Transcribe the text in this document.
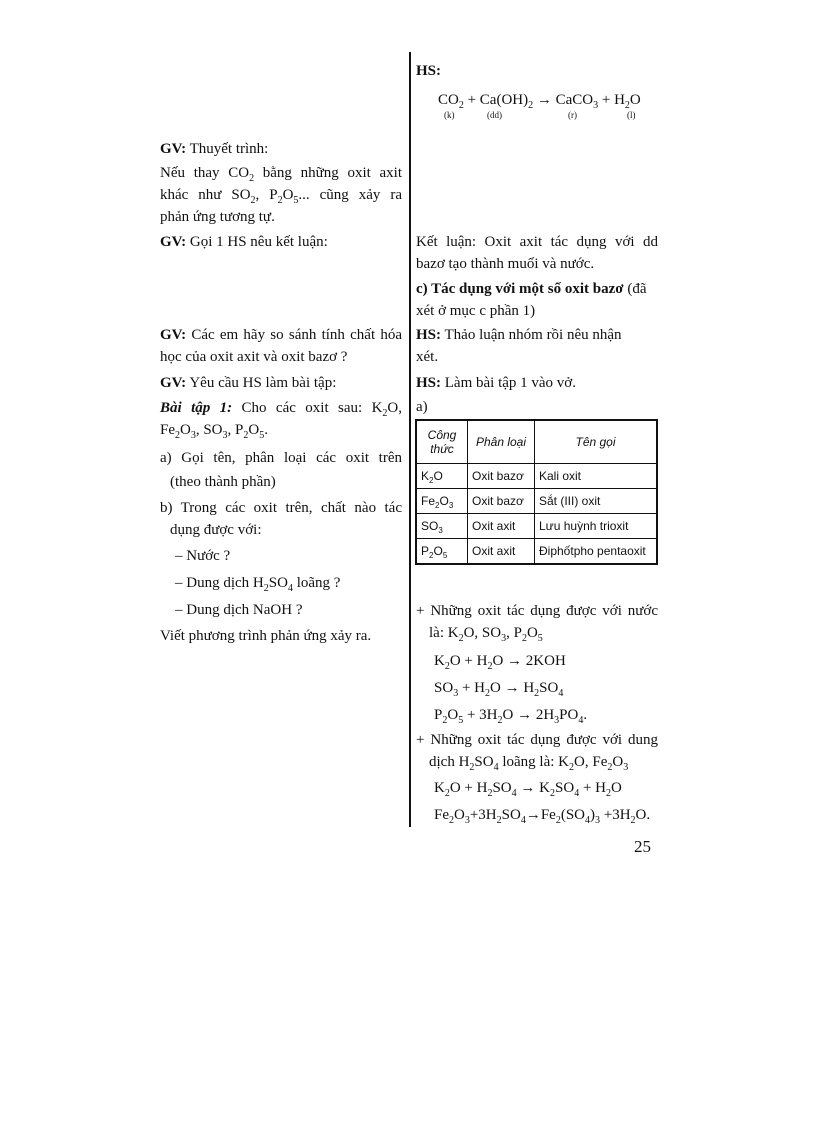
HS:
$CO_2 + Ca(OH)_2$ → CaCO$_3$ + $H_2O$
(k)	(dd)	(r)	(l)
Kết luận: Oxit axit tác dụng với dd
bazơ tạo thành muối và nước.
c) Tác dụng với một số oxit bazơ (đã
xét ở mục c phần 1)
HS: Thảo luận nhóm rồi nêu nhận
xét.
HS: Làm bài tập 1 vào vở.
a)
Công thức	Phân loại	Tên gọi
$K_2O$	Oxit bazơ	Kali oxit
$Fe_2O_3$	Oxit bazơ	Sắt (III) oxit
$SO_3$	Oxit axit	Lưu huỳnh trioxit
$P_2O_5$	Oxit axit	Điphốtpho pentaoxit
+ Những oxit tác dụng được với nước
là: $K_2O$, $SO_3$, $P_2O_5$
$K_2O + H_2O \to 2KOH$
$SO_3 + H_2O \to H_2SO_4$
$P_2O_5 + 3H_2O \to 2H_3PO_4$.
+ Những oxit tác dụng được với dung
dịch $H_2SO_4$ loãng là: $K_2O$, $Fe_2O_3$
$K_2O + H_2SO_4 \to K_2SO_4 + H_2O$
$Fe_2O_3+3H_2SO_4\to Fe_2(SO_4)_3 +3H_2O$.
GV: Thuyết trình:
Nếu thay $CO_2$ bằng những oxit axit
khác như $SO_2$, $P_2O_5$... cũng xảy ra
phản ứng tương tự.
GV: Gọi 1 HS nêu kết luận:
GV: Các em hãy so sánh tính chất hóa
học của oxit axit và oxit bazơ ?
GV: Yêu cầu HS làm bài tập:
Bài tập 1: Cho các oxit sau: $K_2O$,
$Fe_2O_3$, $SO_3$, $P_2O_5$.
a) Gọi tên, phân loại các oxit trên
(theo thành phần)
b) Trong các oxit trên, chất nào tác
dụng được với:
– Nước ?
– Dung dịch $H_2SO_4$ loãng ?
– Dung dịch NaOH ?
Viết phương trình phản ứng xảy ra.
25
